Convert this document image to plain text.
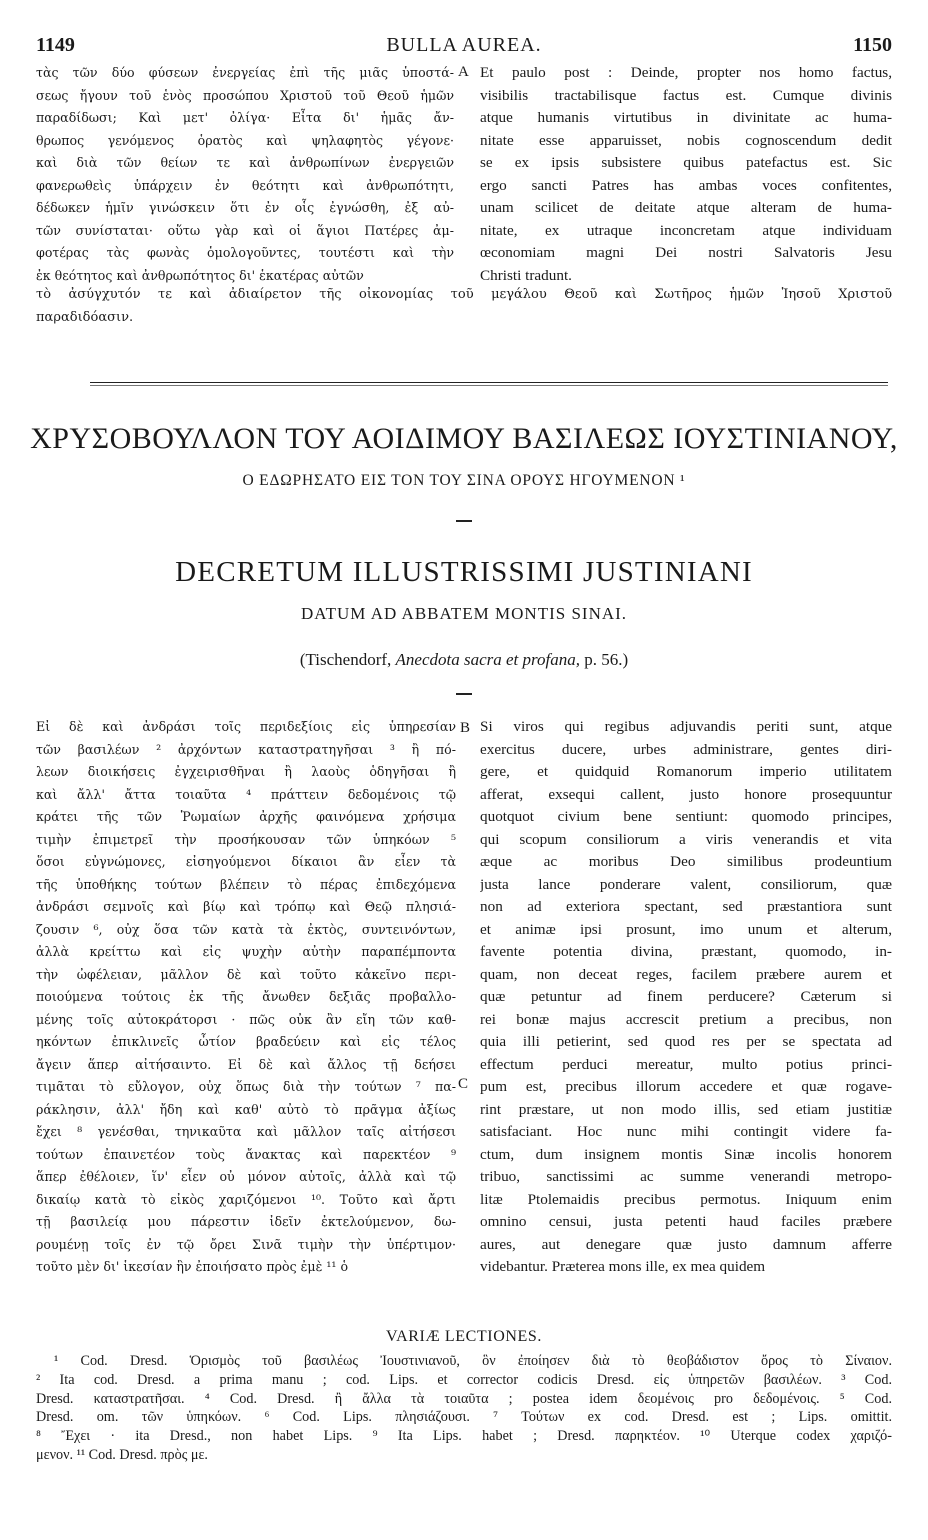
1149	BULLA AUREA.	1150
τὰς τῶν δύο φύσεων ἐνεργείας ἐπὶ τῆς μιᾶς ὑποστά-
σεως ἤγουν τοῦ ἑνὸς προσώπου Χριστοῦ τοῦ Θεοῦ ἡμῶν
παραδίδωσι; Καὶ μετ' ὀλίγα· Εἶτα δι' ἡμᾶς ἄν-
θρωπος γενόμενος ὁρατὸς καὶ ψηλαφητὸς γέγονε·
καὶ διὰ τῶν θείων τε καὶ ἀνθρωπίνων ἐνεργειῶν
φανερωθεὶς ὑπάρχειν ἐν θεότητι καὶ ἀνθρωπότητι,
δέδωκεν ἡμῖν γινώσκειν ὅτι ἐν οἷς ἐγνώσθη, ἐξ αὐ-
τῶν συνίσταται· οὕτω γὰρ καὶ οἱ ἅγιοι Πατέρες ἀμ-
φοτέρας τὰς φωνὰς ὁμολογοῦντες, τουτέστι καὶ τὴν
ἐκ θεότητος καὶ ἀνθρωπότητος δι' ἑκατέρας αὐτῶν
A Et paulo post : Deinde, propter nos homo factus,
visibilis tractabilisque factus est. Cumque divinis
atque humanis virtutibus in divinitate ac huma-
nitate esse apparuisset, nobis cognoscendum dedit
se ex ipsis subsistere quibus patefactus est. Sic
ergo sancti Patres has ambas voces confitentes,
unam scilicet de deitate atque alteram de huma-
nitate, ex utraque inconcretam atque individuam
œconomiam magni Dei nostri Salvatoris Jesu
Christi tradunt.
τὸ ἀσύγχυτόν τε καὶ ἀδιαίρετον τῆς οἰκονομίας τοῦ μεγάλου Θεοῦ καὶ Σωτῆρος ἡμῶν Ἰησοῦ Χριστοῦ
παραδιδόασιν.
ΧΡΥΣΟΒΟΥΛΛΟΝ ΤΟΥ ΑΟΙΔΙΜΟΥ ΒΑΣΙΛΕΩΣ ΙΟΥΣΤΙΝΙΑΝΟΥ,
Ο ΕΔΩΡΗΣΑΤΟ ΕΙΣ ΤΟΝ ΤΟΥ ΣΙΝΑ ΟΡΟΥΣ ΗΓΟΥΜΕΝΟΝ ¹
DECRETUM ILLUSTRISSIMI JUSTINIANI
DATUM AD ABBATEM MONTIS SINAI.
(Tischendorf, Anecdota sacra et profana, p. 56.)
Εἰ δὲ καὶ ἀνδράσι τοῖς περιδεξίοις εἰς ὑπηρεσίαν
τῶν βασιλέων ² ἀρχόντων καταστρατηγῆσαι ³ ἢ πό-
λεων διοικήσεις ἐγχειρισθῆναι ἢ λαοὺς ὁδηγῆσαι ἢ
καὶ ἄλλ' ἄττα τοιαῦτα ⁴ πράττειν δεδομένοις τῷ
κράτει τῆς τῶν Ῥωμαίων ἀρχῆς φαινόμενα χρήσιμα
τιμὴν ἐπιμετρεῖ τὴν προσήκουσαν τῶν ὑπηκόων ⁵
ὅσοι εὐγνώμονες, εἰσηγούμενοι δίκαιοι ἂν εἶεν τὰ
τῆς ὑποθήκης τούτων βλέπειν τὸ πέρας ἐπιδεχόμενα
ἀνδράσι σεμνοῖς καὶ βίῳ καὶ τρόπῳ καὶ Θεῷ πλησιά-
ζουσιν ⁶, οὐχ ὅσα τῶν κατὰ τὰ ἐκτὸς, συντεινόντων,
ἀλλὰ κρείττω καὶ εἰς ψυχὴν αὐτὴν παραπέμποντα
τὴν ὠφέλειαν, μᾶλλον δὲ καὶ τοῦτο κἀκεῖνο περι-
ποιούμενα τούτοις ἐκ τῆς ἄνωθεν δεξιᾶς προβαλλο-
μένης τοῖς αὐτοκράτορσι · πῶς οὐκ ἂν εἴη τῶν καθ-
ηκόντων ἐπικλινεῖς ὦτίον βραδεύειν καὶ εἰς τέλος
ἄγειν ἅπερ αἰτήσαιντο. Εἰ δὲ καὶ ἄλλος τῇ δεήσει
τιμᾶται τὸ εὔλογον, οὐχ ὅπως διὰ τὴν τούτων ⁷ πα-
ράκλησιν, ἀλλ' ἤδη καὶ καθ' αὐτὸ τὸ πρᾶγμα ἀξίως
ἔχει ⁸ γενέσθαι, τηνικαῦτα καὶ μᾶλλον ταῖς αἰτήσεσι
τούτων ἐπαινετέον τοὺς ἄνακτας καὶ παρεκτέον ⁹
ἅπερ ἐθέλοιεν, ἵν' εἶεν οὐ μόνον αὐτοῖς, ἀλλὰ καὶ τῷ
δικαίῳ κατὰ τὸ εἰκὸς χαριζόμενοι ¹⁰. Τοῦτο καὶ ἄρτι
τῇ βασιλείᾳ μου πάρεστιν ἰδεῖν ἐκτελούμενον, δω-
ρουμένῃ τοῖς ἐν τῷ ὄρει Σινᾶ τιμὴν τὴν ὑπέρτιμον·
τοῦτο μὲν δι' ἱκεσίαν ἣν ἐποιήσατο πρὸς ἐμὲ ¹¹ ὁ
B
C
Si viros qui regibus adjuvandis periti sunt, atque
exercitus ducere, urbes administrare, gentes diri-
gere, et quidquid Romanorum imperio utilitatem
afferat, exsequi callent, justo honore prosequuntur
quotquot civium bene sentiunt: quomodo principes,
qui scopum consiliorum a viris venerandis et vita
æque ac moribus Deo similibus prodeuntium
justa lance ponderare valent, consiliorum, quæ
non ad exteriora spectant, sed præstantiora sunt
et animæ ipsi prosunt, imo unum et alterum,
favente potentia divina, præstant, quomodo, in-
quam, non deceat reges, facilem præbere aurem et
quæ petuntur ad finem perducere? Cæterum si
rei bonæ majus accrescit pretium a precibus, non
quia illi petierint, sed quod res per se spectata ad
effectum perduci mereatur, multo potius princi-
pum est, precibus illorum accedere et quæ rogave-
rint præstare, ut non modo illis, sed etiam justitiæ
satisfaciant. Hoc nunc mihi contingit videre fa-
ctum, dum insignem montis Sinæ incolis honorem
tribuo, sanctissimi ac summe venerandi metropo-
litæ Ptolemaidis precibus permotus. Iniquum enim
omnino censui, justa petenti haud faciles præbere
aures, aut denegare quæ justo damnum afferre
videbantur. Præterea mons ille, ex mea quidem
VARIÆ LECTIONES.
¹ Cod. Dresd. Ὁρισμὸς τοῦ βασιλέως Ἰουστινιανοῦ, ὃν ἐποίησεν διὰ τὸ θεοβάδιστον ὄρος τὸ Σίναιον.
² Ita cod. Dresd. a prima manu ; cod. Lips. et corrector codicis Dresd. εἰς ὑπηρετῶν βασιλέων. ³ Cod.
Dresd. καταστρατῆσαι. ⁴ Cod. Dresd. ἢ ἄλλα τὰ τοιαῦτα ; postea idem δεομένοις pro δεδομένοις. ⁵ Cod.
Dresd. om. τῶν ὑπηκόων. ⁶ Cod. Lips. πλησιάζουσι. ⁷ Τούτων ex cod. Dresd. est ; Lips. omittit.
⁸ Ἔχει · ita Dresd., non habet Lips. ⁹ Ita Lips. habet ; Dresd. παρηκτέον. ¹⁰ Uterque codex χαριζό-
μενον. ¹¹ Cod. Dresd. πρὸς με.
